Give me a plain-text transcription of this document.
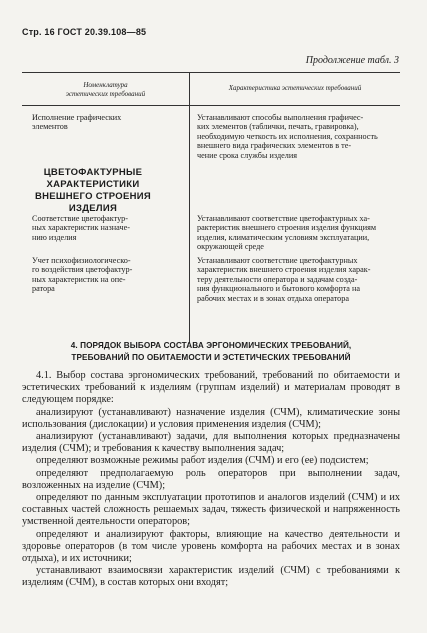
Стр. 16 ГОСТ 20.39.108—85
Продолжение табл. 3
Номенклатура
эстетических требований
Характеристика эстетических требований

Исполнение графических
элементов

Устанавливают способы выполнения графичес-
ких элементов (таблички, печать, гравировка),
необходимую четкость их исполнения, сохранность
внешнего вида графических элементов в те-
чение срока службы изделия

Соответствие цветофактур-
ных характеристик назначе-
нию изделия

Устанавливают соответствие цветофактурных ха-
рактеристик внешнего строения изделия функциям
изделия, климатическим условиям эксплуатации,
окружающей среде

Учет психофизиологическо-
го воздействия цветофактур-
ных характеристик на опе-
ратора

Устанавливают соответствие цветофактурных
характеристик внешнего строения изделия харак-
теру деятельности оператора и задачам созда-
ния функционального и бытового комфорта на
рабочих местах и в зонах отдыха оператора

ЦВЕТОФАКТУРНЫЕ
ХАРАКТЕРИСТИКИ
ВНЕШНЕГО СТРОЕНИЯ
ИЗДЕЛИЯ
4. ПОРЯДОК ВЫБОРА СОСТАВА ЭРГОНОМИЧЕСКИХ ТРЕБОВАНИЙ,
ТРЕБОВАНИЙ ПО ОБИТАЕМОСТИ И ЭСТЕТИЧЕСКИХ ТРЕБОВАНИЙ

4.1. Выбор состава эргономических требований, требований по обитаемости и эстетических требований к изделиям (группам изделий) и материалам проводят в следующем порядке:

анализируют (устанавливают) назначение изделия (СЧМ), климатические зоны использования (дислокации) и условия применения изделия (СЧМ);

анализируют (устанавливают) задачи, для выполнения которых предназначены изделия (СЧМ); и требования к качеству выполнения задач;

определяют возможные режимы работ изделия (СЧМ) и его (ее) подсистем;

определяют предполагаемую роль операторов при выполнении задач, возложенных на изделие (СЧМ);

определяют по данным эксплуатации прототипов и аналогов изделий (СЧМ) и их составных частей сложность решаемых задач, тяжесть физической и напряженность умственной деятельности операторов;

определяют и анализируют факторы, влияющие на качество деятельности и здоровье операторов (в том числе уровень комфорта на рабочих местах и в зонах отдыха), и их источники;

устанавливают взаимосвязи характеристик изделий (СЧМ) с требованиями к изделиям (СЧМ), в состав которых они входят;
